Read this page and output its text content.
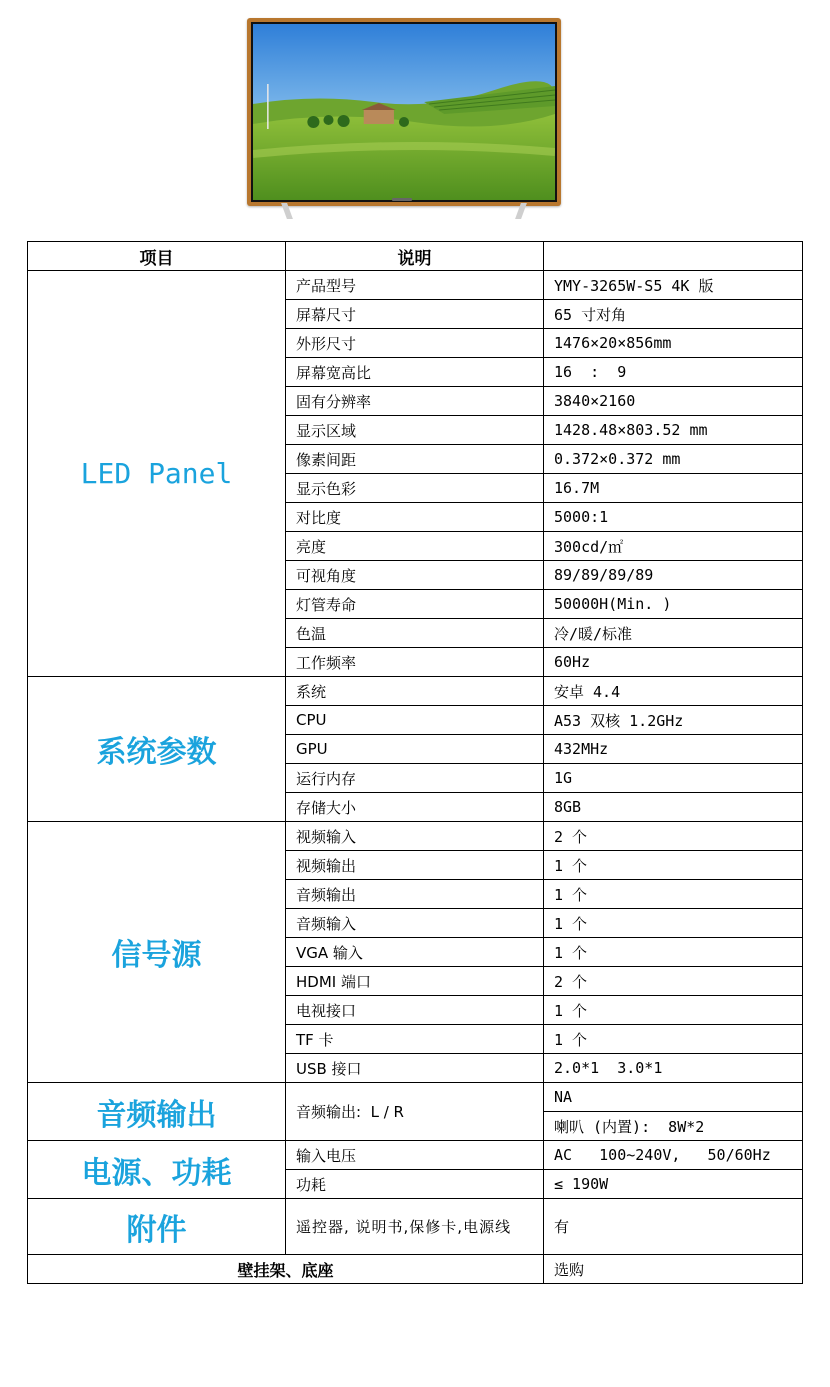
项目	说明	
LED Panel	产品型号	YMY-3265W-S5 4K 版
	屏幕尺寸	65 寸对角
	外形尺寸	1476×20×856mm
	屏幕宽高比	16  :  9
	固有分辨率	3840×2160
	显示区域	1428.48×803.52 mm
	像素间距	0.372×0.372 mm
	显示色彩	16.7M
	对比度	5000:1
	亮度	300cd/㎡
	可视角度	89/89/89/89
	灯管寿命	50000H(Min. )
	色温	冷/暖/标准
	工作频率	60Hz
系统参数	系统	安卓 4.4
	CPU	A53 双核 1.2GHz
	GPU	432MHz
	运行内存	1G
	存储大小	8GB
信号源	视频输入	2 个
	视频输出	1 个
	音频输出	1 个
	音频输入	1 个
	VGA 输入	1 个
	HDMI 端口	2 个
	电视接口	1 个
	TF 卡	1 个
	USB 接口	2.0*1  3.0*1
音频输出	音频输出:  L / R	NA
		喇叭 (内置):  8W*2
电源、功耗	输入电压	AC   100~240V,   50/60Hz
	功耗	≤ 190W
附件	遥控器, 说明书,保修卡,电源线	有
壁挂架、底座		选购
